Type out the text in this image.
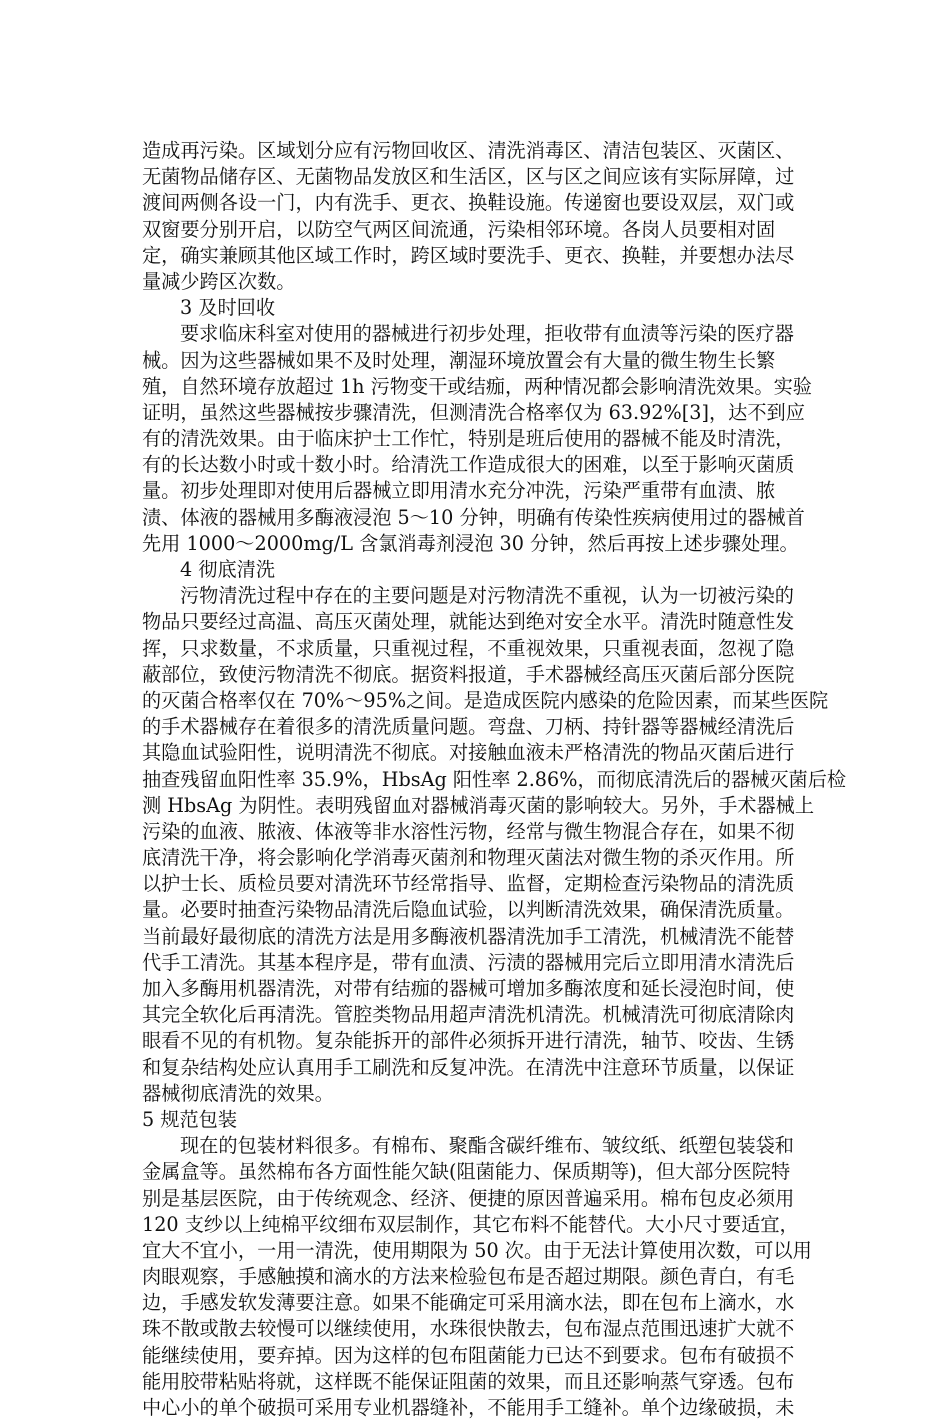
造成再污染。区域划分应有污物回收区、清洗消毒区、清洁包装区、灭菌区、
无菌物品储存区、无菌物品发放区和生活区，区与区之间应该有实际屏障，过
渡间两侧各设一门，内有洗手、更衣、换鞋设施。传递窗也要设双层，双门或
双窗要分别开启，以防空气两区间流通，污染相邻环境。各岗人员要相对固
定，确实兼顾其他区域工作时，跨区域时要洗手、更衣、换鞋，并要想办法尽
量减少跨区次数。
3 及时回收
要求临床科室对使用的器械进行初步处理，拒收带有血渍等污染的医疗器
械。因为这些器械如果不及时处理，潮湿环境放置会有大量的微生物生长繁
殖，自然环境存放超过 1h 污物变干或结痂，两种情况都会影响清洗效果。实验
证明，虽然这些器械按步骤清洗，但测清洗合格率仅为 63.92%[3]，达不到应
有的清洗效果。由于临床护士工作忙，特别是班后使用的器械不能及时清洗，
有的长达数小时或十数小时。给清洗工作造成很大的困难，以至于影响灭菌质
量。初步处理即对使用后器械立即用清水充分冲洗，污染严重带有血渍、脓
渍、体液的器械用多酶液浸泡 5～10 分钟，明确有传染性疾病使用过的器械首
先用 1000～2000mg/L 含氯消毒剂浸泡 30 分钟，然后再按上述步骤处理。
4 彻底清洗
污物清洗过程中存在的主要问题是对污物清洗不重视，认为一切被污染的
物品只要经过高温、高压灭菌处理，就能达到绝对安全水平。清洗时随意性发
挥，只求数量，不求质量，只重视过程，不重视效果，只重视表面，忽视了隐
蔽部位，致使污物清洗不彻底。据资料报道，手术器械经高压灭菌后部分医院
的灭菌合格率仅在 70%～95%之间。是造成医院内感染的危险因素，而某些医院
的手术器械存在着很多的清洗质量问题。弯盘、刀柄、持针器等器械经清洗后
其隐血试验阳性，说明清洗不彻底。对接触血液未严格清洗的物品灭菌后进行
抽查残留血阳性率 35.9%，HbsAg 阳性率 2.86%，而彻底清洗后的器械灭菌后检
测 HbsAg 为阴性。表明残留血对器械消毒灭菌的影响较大。另外，手术器械上
污染的血液、脓液、体液等非水溶性污物，经常与微生物混合存在，如果不彻
底清洗干净，将会影响化学消毒灭菌剂和物理灭菌法对微生物的杀灭作用。所
以护士长、质检员要对清洗环节经常指导、监督，定期检查污染物品的清洗质
量。必要时抽查污染物品清洗后隐血试验，以判断清洗效果，确保清洗质量。
当前最好最彻底的清洗方法是用多酶液机器清洗加手工清洗，机械清洗不能替
代手工清洗。其基本程序是，带有血渍、污渍的器械用完后立即用清水清洗后
加入多酶用机器清洗，对带有结痂的器械可增加多酶浓度和延长浸泡时间，使
其完全软化后再清洗。管腔类物品用超声清洗机清洗。机械清洗可彻底清除肉
眼看不见的有机物。复杂能拆开的部件必须拆开进行清洗，轴节、咬齿、生锈
和复杂结构处应认真用手工刷洗和反复冲洗。在清洗中注意环节质量，以保证
器械彻底清洗的效果。
5 规范包装
现在的包装材料很多。有棉布、聚酯含碳纤维布、皱纹纸、纸塑包装袋和
金属盒等。虽然棉布各方面性能欠缺(阻菌能力、保质期等)，但大部分医院特
别是基层医院，由于传统观念、经济、便捷的原因普遍采用。棉布包皮必须用
120 支纱以上纯棉平纹细布双层制作，其它布料不能替代。大小尺寸要适宜，
宜大不宜小，一用一清洗，使用期限为 50 次。由于无法计算使用次数，可以用
肉眼观察，手感触摸和滴水的方法来检验包布是否超过期限。颜色青白，有毛
边，手感发软发薄要注意。如果不能确定可采用滴水法，即在包布上滴水，水
珠不散或散去较慢可以继续使用，水珠很快散去，包布湿点范围迅速扩大就不
能继续使用，要弃掉。因为这样的包布阻菌能力已达不到要求。包布有破损不
能用胶带粘贴将就，这样既不能保证阻菌的效果，而且还影响蒸气穿透。包布
中心小的单个破损可采用专业机器缝补，不能用手工缝补。单个边缘破损，未
